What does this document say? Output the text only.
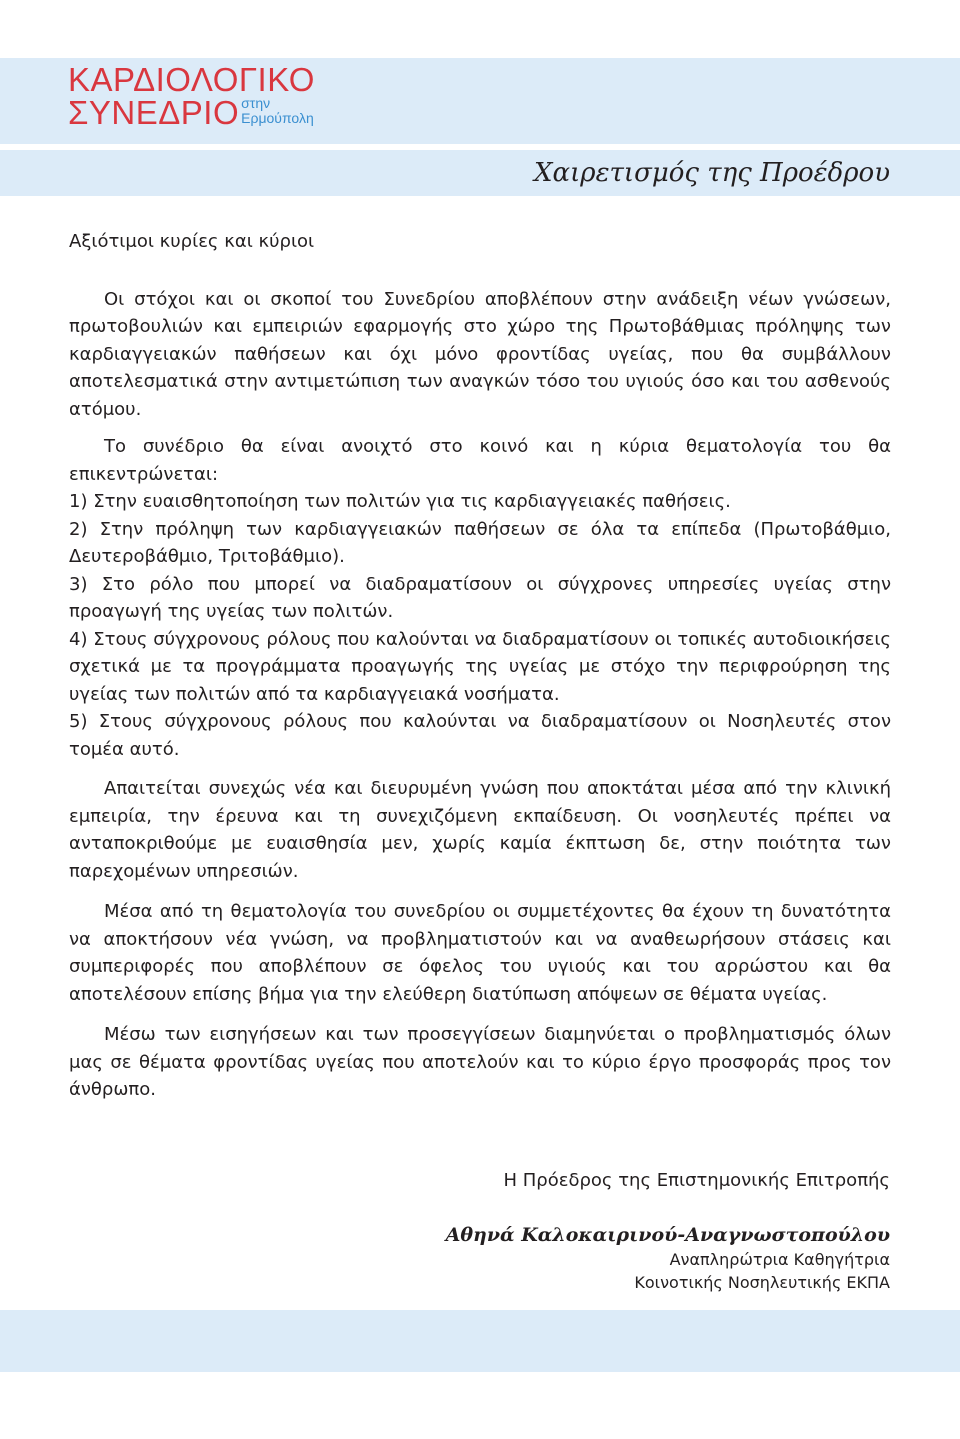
ΚΑΡΔΙΟΛΟΓΙΚΟ
ΣΥΝΕΔΡΙΟ στην
Ερμούπολη
Χαιρετισμός της Προέδρου

Αξιότιμοι κυρίες και κύριοι

Οι στόχοι και οι σκοποί του Συνεδρίου αποβλέπουν στην ανάδειξη νέων γνώσεων, πρωτοβουλιών και εμπειριών εφαρμογής στο χώρο της Πρωτοβάθμιας πρόληψης των καρδιαγγειακών παθήσεων και όχι μόνο φροντίδας υγείας, που θα συμβάλλουν αποτελεσματικά στην αντιμετώπιση των αναγκών τόσο του υγιούς όσο και του ασθενούς ατόμου.

Το συνέδριο θα είναι ανοιχτό στο κοινό και η κύρια θεματολογία του θα επικεντρώνεται:

1) Στην ευαισθητοποίηση των πολιτών για τις καρδιαγγειακές παθήσεις.

2) Στην πρόληψη των καρδιαγγειακών παθήσεων σε όλα τα επίπεδα (Πρωτοβάθμιο, Δευτεροβάθμιο, Τριτοβάθμιο).

3) Στο ρόλο που μπορεί να διαδραματίσουν οι σύγχρονες υπηρεσίες υγείας στην προαγωγή της υγείας των πολιτών.

4) Στους σύγχρονους ρόλους που καλούνται να διαδραματίσουν οι τοπικές αυτοδιοικήσεις σχετικά με τα προγράμματα προαγωγής της υγείας με στόχο την περιφρούρηση της υγείας των πολιτών από τα καρδιαγγειακά νοσήματα.

5) Στους σύγχρονους ρόλους που καλούνται να διαδραματίσουν οι Νοσηλευτές στον τομέα αυτό.

Απαιτείται συνεχώς νέα και διευρυμένη γνώση που αποκτάται μέσα από την κλινική εμπειρία, την έρευνα και τη συνεχιζόμενη εκπαίδευση. Οι νοσηλευτές πρέπει να ανταποκριθούμε με ευαισθησία μεν, χωρίς καμία έκπτωση δε, στην ποιότητα των παρεχομένων υπηρεσιών.

Μέσα από τη θεματολογία του συνεδρίου οι συμμετέχοντες θα έχουν τη δυνατότητα να αποκτήσουν νέα γνώση, να προβληματιστούν και να αναθεωρήσουν στάσεις και συμπεριφορές που αποβλέπουν σε όφελος του υγιούς και του αρρώστου και θα αποτελέσουν επίσης βήμα για την ελεύθερη διατύπωση απόψεων σε θέματα υγείας.

Μέσω των εισηγήσεων και των προσεγγίσεων διαμηνύεται ο προβληματισμός όλων μας σε θέματα φροντίδας υγείας που αποτελούν και το κύριο έργο προσφοράς προς τον άνθρωπο.

Η Πρόεδρος της Επιστημονικής Επιτροπής
Αθηνά Καλοκαιρινού-Αναγνωστοπούλου
Αναπληρώτρια Καθηγήτρια
Κοινοτικής Νοσηλευτικής ΕΚΠΑ
